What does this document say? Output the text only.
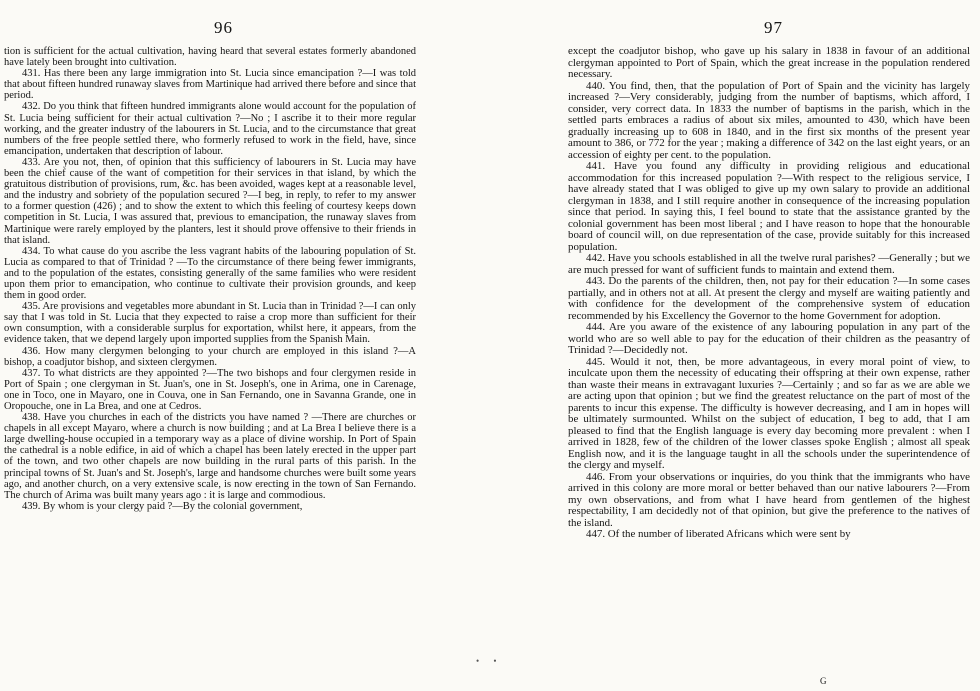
96

tion is sufficient for the actual cultivation, having heard that several estates formerly abandoned have lately been brought into cultivation.

431. Has there been any large immigration into St. Lucia since emancipation ?—I was told that about fifteen hundred runaway slaves from Martinique had arrived there before and since that period.

432. Do you think that fifteen hundred immigrants alone would account for the population of St. Lucia being sufficient for their actual cultivation ?—No ; I ascribe it to their more regular working, and the greater industry of the labourers in St. Lucia, and to the circumstance that great numbers of the free people settled there, who formerly refused to work in the field, have, since emancipation, undertaken that description of labour.

433. Are you not, then, of opinion that this sufficiency of labourers in St. Lucia may have been the chief cause of the want of competition for their services in that island, by which the gratuitous distribution of provisions, rum, &c. has been avoided, wages kept at a reasonable level, and the industry and sobriety of the population secured ?—I beg, in reply, to refer to my answer to a former question (426) ; and to show the extent to which this feeling of courtesy keeps down competition in St. Lucia, I was assured that, previous to emancipation, the runaway slaves from Martinique were rarely employed by the planters, lest it should prove offensive to their friends in that island.

434. To what cause do you ascribe the less vagrant habits of the labouring population of St. Lucia as compared to that of Trinidad ? —To the circumstance of there being fewer immigrants, and to the population of the estates, consisting generally of the same families who were resident upon them prior to emancipation, who continue to cultivate their provision grounds, and keep them in good order.

435. Are provisions and vegetables more abundant in St. Lucia than in Trinidad ?—I can only say that I was told in St. Lucia that they expected to raise a crop more than sufficient for their own consumption, with a considerable surplus for exportation, whilst here, it appears, from the evidence taken, that we depend largely upon imported supplies from the Spanish Main.

436. How many clergymen belonging to your church are employed in this island ?—A bishop, a coadjutor bishop, and sixteen clergymen.

437. To what districts are they appointed ?—The two bishops and four clergymen reside in Port of Spain ; one clergyman in St. Juan's, one in St. Joseph's, one in Arima, one in Carenage, one in Toco, one in Mayaro, one in Couva, one in San Fernando, one in Savanna Grande, one in Oropouche, one in La Brea, and one at Cedros.

438. Have you churches in each of the districts you have named ? —There are churches or chapels in all except Mayaro, where a church is now building ; and at La Brea I believe there is a large dwelling-house occupied in a temporary way as a place of divine worship. In Port of Spain the cathedral is a noble edifice, in aid of which a chapel has been lately erected in the upper part of the town, and two other chapels are now building in the rural parts of this parish. In the principal towns of St. Juan's and St. Joseph's, large and handsome churches were built some years ago, and another church, on a very extensive scale, is now erecting in the town of San Fernando. The church of Arima was built many years ago : it is large and commodious.

439. By whom is your clergy paid ?—By the colonial government,

97

except the coadjutor bishop, who gave up his salary in 1838 in favour of an additional clergyman appointed to Port of Spain, which the great increase in the population rendered necessary.

440. You find, then, that the population of Port of Spain and the vicinity has largely increased ?—Very considerably, judging from the number of baptisms, which afford, I consider, very correct data. In 1833 the number of baptisms in the parish, which in the settled parts embraces a radius of about six miles, amounted to 430, which have been gradually increasing up to 608 in 1840, and in the first six months of the present year amount to 386, or 772 for the year ; making a difference of 342 on the last eight years, or an accession of eighty per cent. to the population.

441. Have you found any difficulty in providing religious and educational accommodation for this increased population ?—With respect to the religious service, I have already stated that I was obliged to give up my own salary to provide an additional clergyman in 1838, and I still require another in consequence of the increasing population since that period. In saying this, I feel bound to state that the assistance granted by the colonial government has been most liberal ; and I have reason to hope that the honourable board of council will, on due representation of the case, provide suitably for this increased population.

442. Have you schools established in all the twelve rural parishes? —Generally ; but we are much pressed for want of sufficient funds to maintain and extend them.

443. Do the parents of the children, then, not pay for their education ?—In some cases partially, and in others not at all. At present the clergy and myself are waiting patiently and with confidence for the development of the comprehensive system of education recommended by his Excellency the Governor to the home Government for adoption.

444. Are you aware of the existence of any labouring population in any part of the world who are so well able to pay for the education of their children as the peasantry of Trinidad ?—Decidedly not.

445. Would it not, then, be more advantageous, in every moral point of view, to inculcate upon them the necessity of educating their offspring at their own expense, rather than waste their means in extravagant luxuries ?—Certainly ; and so far as we are able we are acting upon that opinion ; but we find the greatest reluctance on the part of most of the parents to incur this expense. The difficulty is however decreasing, and I am in hopes will be ultimately surmounted. Whilst on the subject of education, I beg to add, that I am pleased to find that the English language is every day becoming more prevalent : when I arrived in 1828, few of the children of the lower classes spoke English ; almost all speak English now, and it is the language taught in all the schools under the superintendence of the clergy and myself.

446. From your observations or inquiries, do you think that the immigrants who have arrived in this colony are more moral or better behaved than our native labourers ?—From my own observations, and from what I have heard from gentlemen of the highest respectability, I am decidedly not of that opinion, but give the preference to the natives of the island.

447. Of the number of liberated Africans which were sent by

G
• •
